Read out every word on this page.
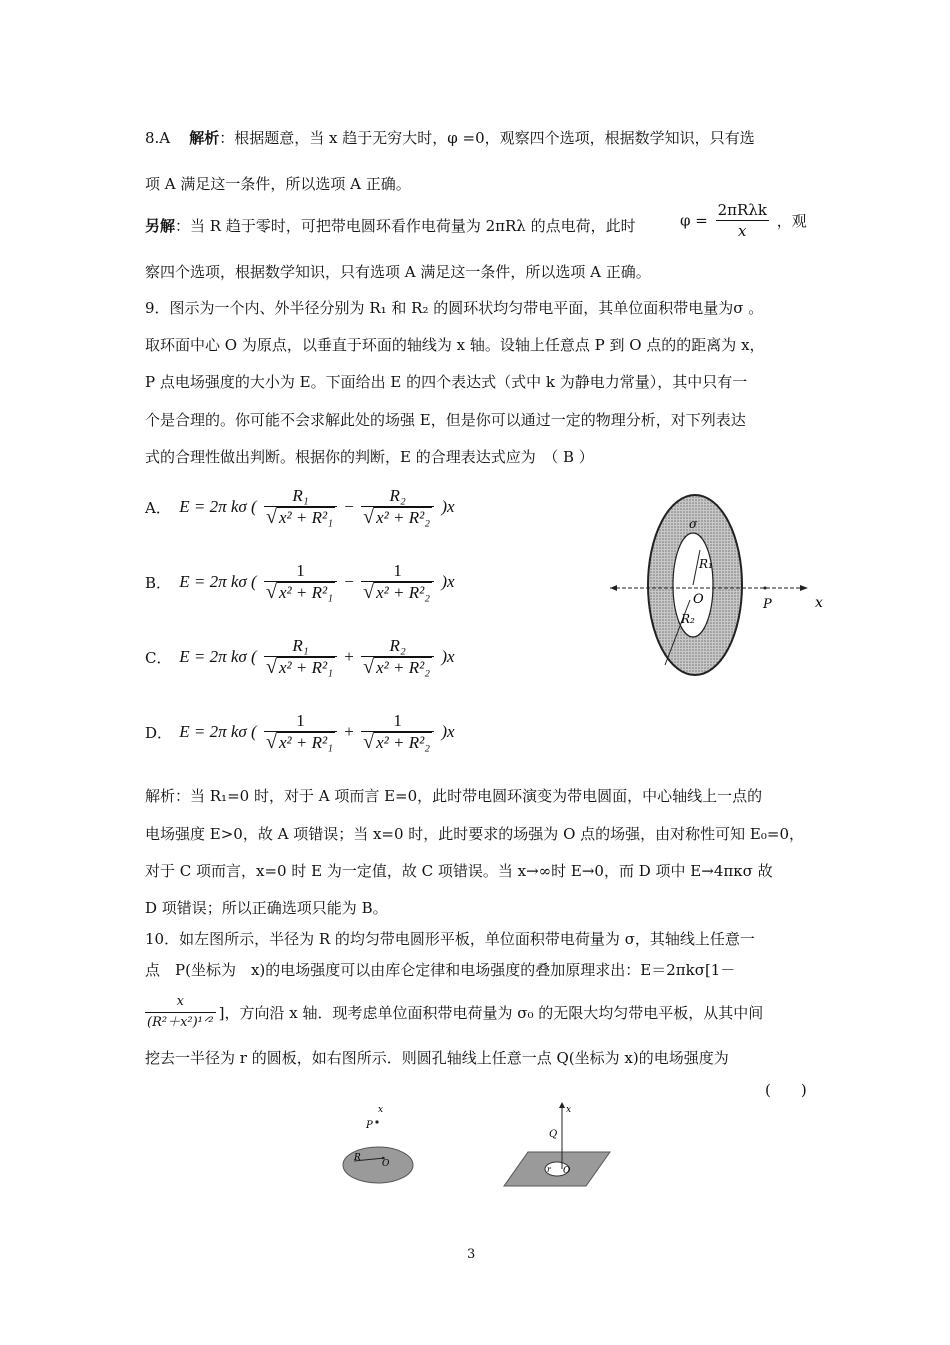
8.A 解析：根据题意，当 x 趋于无穷大时，φ =0，观察四个选项，根据数学知识，只有选
项 A 满足这一条件，所以选项 A 正确。
另解：当 R 趋于零时，可把带电圆环看作电荷量为 2πRλ 的点电荷，此时	$\varphi = \frac{\text{2πRλk}}{x}$ ，观
察四个选项，根据数学知识，只有选项 A 满足这一条件，所以选项 A 正确。
9．图示为一个内、外半径分别为 R₁ 和 R₂ 的圆环状均匀带电平面，其单位面积带电量为σ 。
取环面中心 O 为原点，以垂直于环面的轴线为 x 轴。设轴上任意点 P 到 O 点的的距离为 x，
P 点电场强度的大小为 E。下面给出 E 的四个表达式（式中 k 为静电力常量），其中只有一
个是合理的。你可能不会求解此处的场强 E，但是你可以通过一定的物理分析，对下列表达
式的合理性做出判断。根据你的判断，E 的合理表达式应为　（ B ）
A． E = 2π kσ ( $\frac{\text{R₁}}{\text{√ x² + R²₁}} - \frac{\text{R₂}}{\text{√ x² + R²₂}} )x$
B． E = 2π kσ ( $\frac{1}{\text{√ x² + R²₁}} - \frac{1}{\text{√ x² + R²₂}} )x$
C． E = 2π kσ ( $\frac{\text{R₁}}{\text{√ x² + R²₁}} + \frac{\text{R₂}}{\text{√ x² + R²₂}} )x$
D． E = 2π kσ ( $\frac{1}{\text{√ x² + R²₁}} + \frac{1}{\text{√ x² + R²₂}} )x$
σ
R₁
O
R₂
P	x
解析：当 R₁=0 时，对于 A 项而言 E=0，此时带电圆环演变为带电圆面，中心轴线上一点的
电场强度 E>0，故 A 项错误；当 x=0 时，此时要求的场强为 O 点的场强，由对称性可知 E₀=0，
对于 C 项而言，x=0 时 E 为一定值，故 C 项错误。当 x→∞时 E→0，而 D 项中 E→4πκσ 故
D 项错误；所以正确选项只能为 B。
10．如左图所示，半径为 R 的均匀带电圆形平板，单位面积带电荷量为 σ，其轴线上任意一
点　P(坐标为　x)的电场强度可以由库仑定律和电场强度的叠加原理求出：E＝2πkσ[1－
$\frac{x}{\text{(R²＋x²)¹ᐟ²}}$ ]，方向沿 x 轴．现考虑单位面积带电荷量为 σ₀ 的无限大均匀带电平板，从其中间
挖去一半径为 r 的圆板，如右图所示．则圆孔轴线上任意一点 Q(坐标为 x)的电场强度为
(　　)
x
P
R
O
x
Q
r O
3
